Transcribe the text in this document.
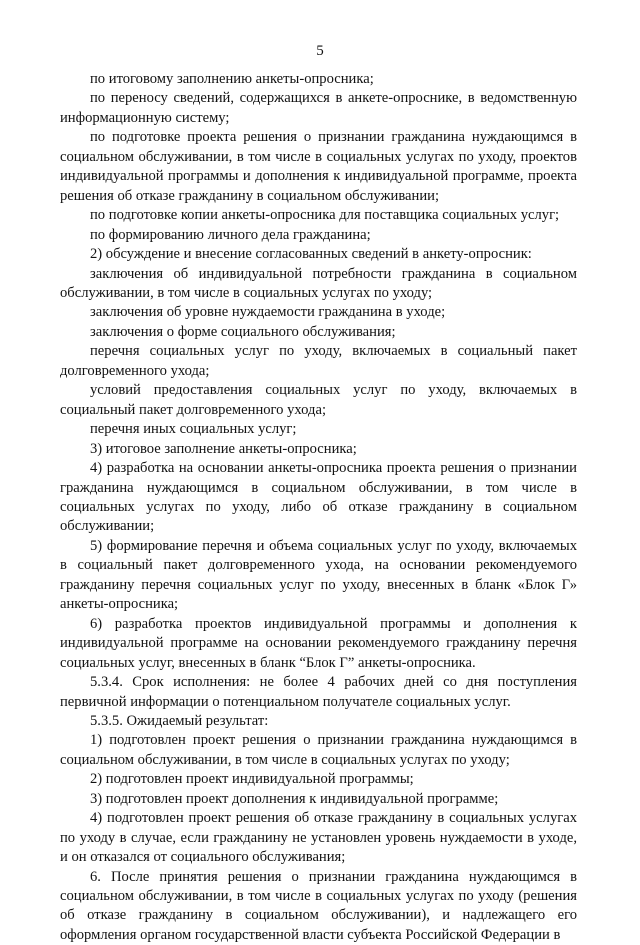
5

по итоговому заполнению анкеты-опросника;

по переносу сведений, содержащихся в анкете-опроснике, в ведомственную информационную систему;

по подготовке проекта решения о признании гражданина нуждающимся в социальном обслуживании, в том числе в социальных услугах по уходу, проектов индивидуальной программы и дополнения к индивидуальной программе, проекта решения об отказе гражданину в социальном обслуживании;

по подготовке копии анкеты-опросника для поставщика социальных услуг;

по формированию личного дела гражданина;

2) обсуждение и внесение согласованных сведений в анкету-опросник:

заключения об индивидуальной потребности гражданина в социальном обслуживании, в том числе в социальных услугах по уходу;

заключения об уровне нуждаемости гражданина в уходе;

заключения о форме социального обслуживания;

перечня социальных услуг по уходу, включаемых в социальный пакет долговременного ухода;

условий предоставления социальных услуг по уходу, включаемых в социальный пакет долговременного ухода;

перечня иных социальных услуг;

3) итоговое заполнение анкеты-опросника;

4) разработка на основании анкеты-опросника проекта решения о признании гражданина нуждающимся в социальном обслуживании, в том числе в социальных услугах по уходу, либо об отказе гражданину в социальном обслуживании;

5) формирование перечня и объема социальных услуг по уходу, включаемых в социальный пакет долговременного ухода, на основании рекомендуемого гражданину перечня социальных услуг по уходу, внесенных в бланк «Блок Г» анкеты-опросника;

6) разработка проектов индивидуальной программы и дополнения к индивидуальной программе на основании рекомендуемого гражданину перечня социальных услуг, внесенных в бланк “Блок Г” анкеты-опросника.

5.3.4. Срок исполнения: не более 4 рабочих дней со дня поступления первичной информации о потенциальном получателе социальных услуг.

5.3.5. Ожидаемый результат:

1) подготовлен проект решения о признании гражданина нуждающимся в социальном обслуживании, в том числе в социальных услугах по уходу;

2) подготовлен проект индивидуальной программы;

3) подготовлен проект дополнения к индивидуальной программе;

4) подготовлен проект решения об отказе гражданину в социальных услугах по уходу в случае, если гражданину не установлен уровень нуждаемости в уходе, и он отказался от социального обслуживания;

6. После принятия решения о признании гражданина нуждающимся в социальном обслуживании, в том числе в социальных услугах по уходу (решения об отказе гражданину в социальном обслуживании), и надлежащего его оформления органом государственной власти субъекта Российской Федерации в
